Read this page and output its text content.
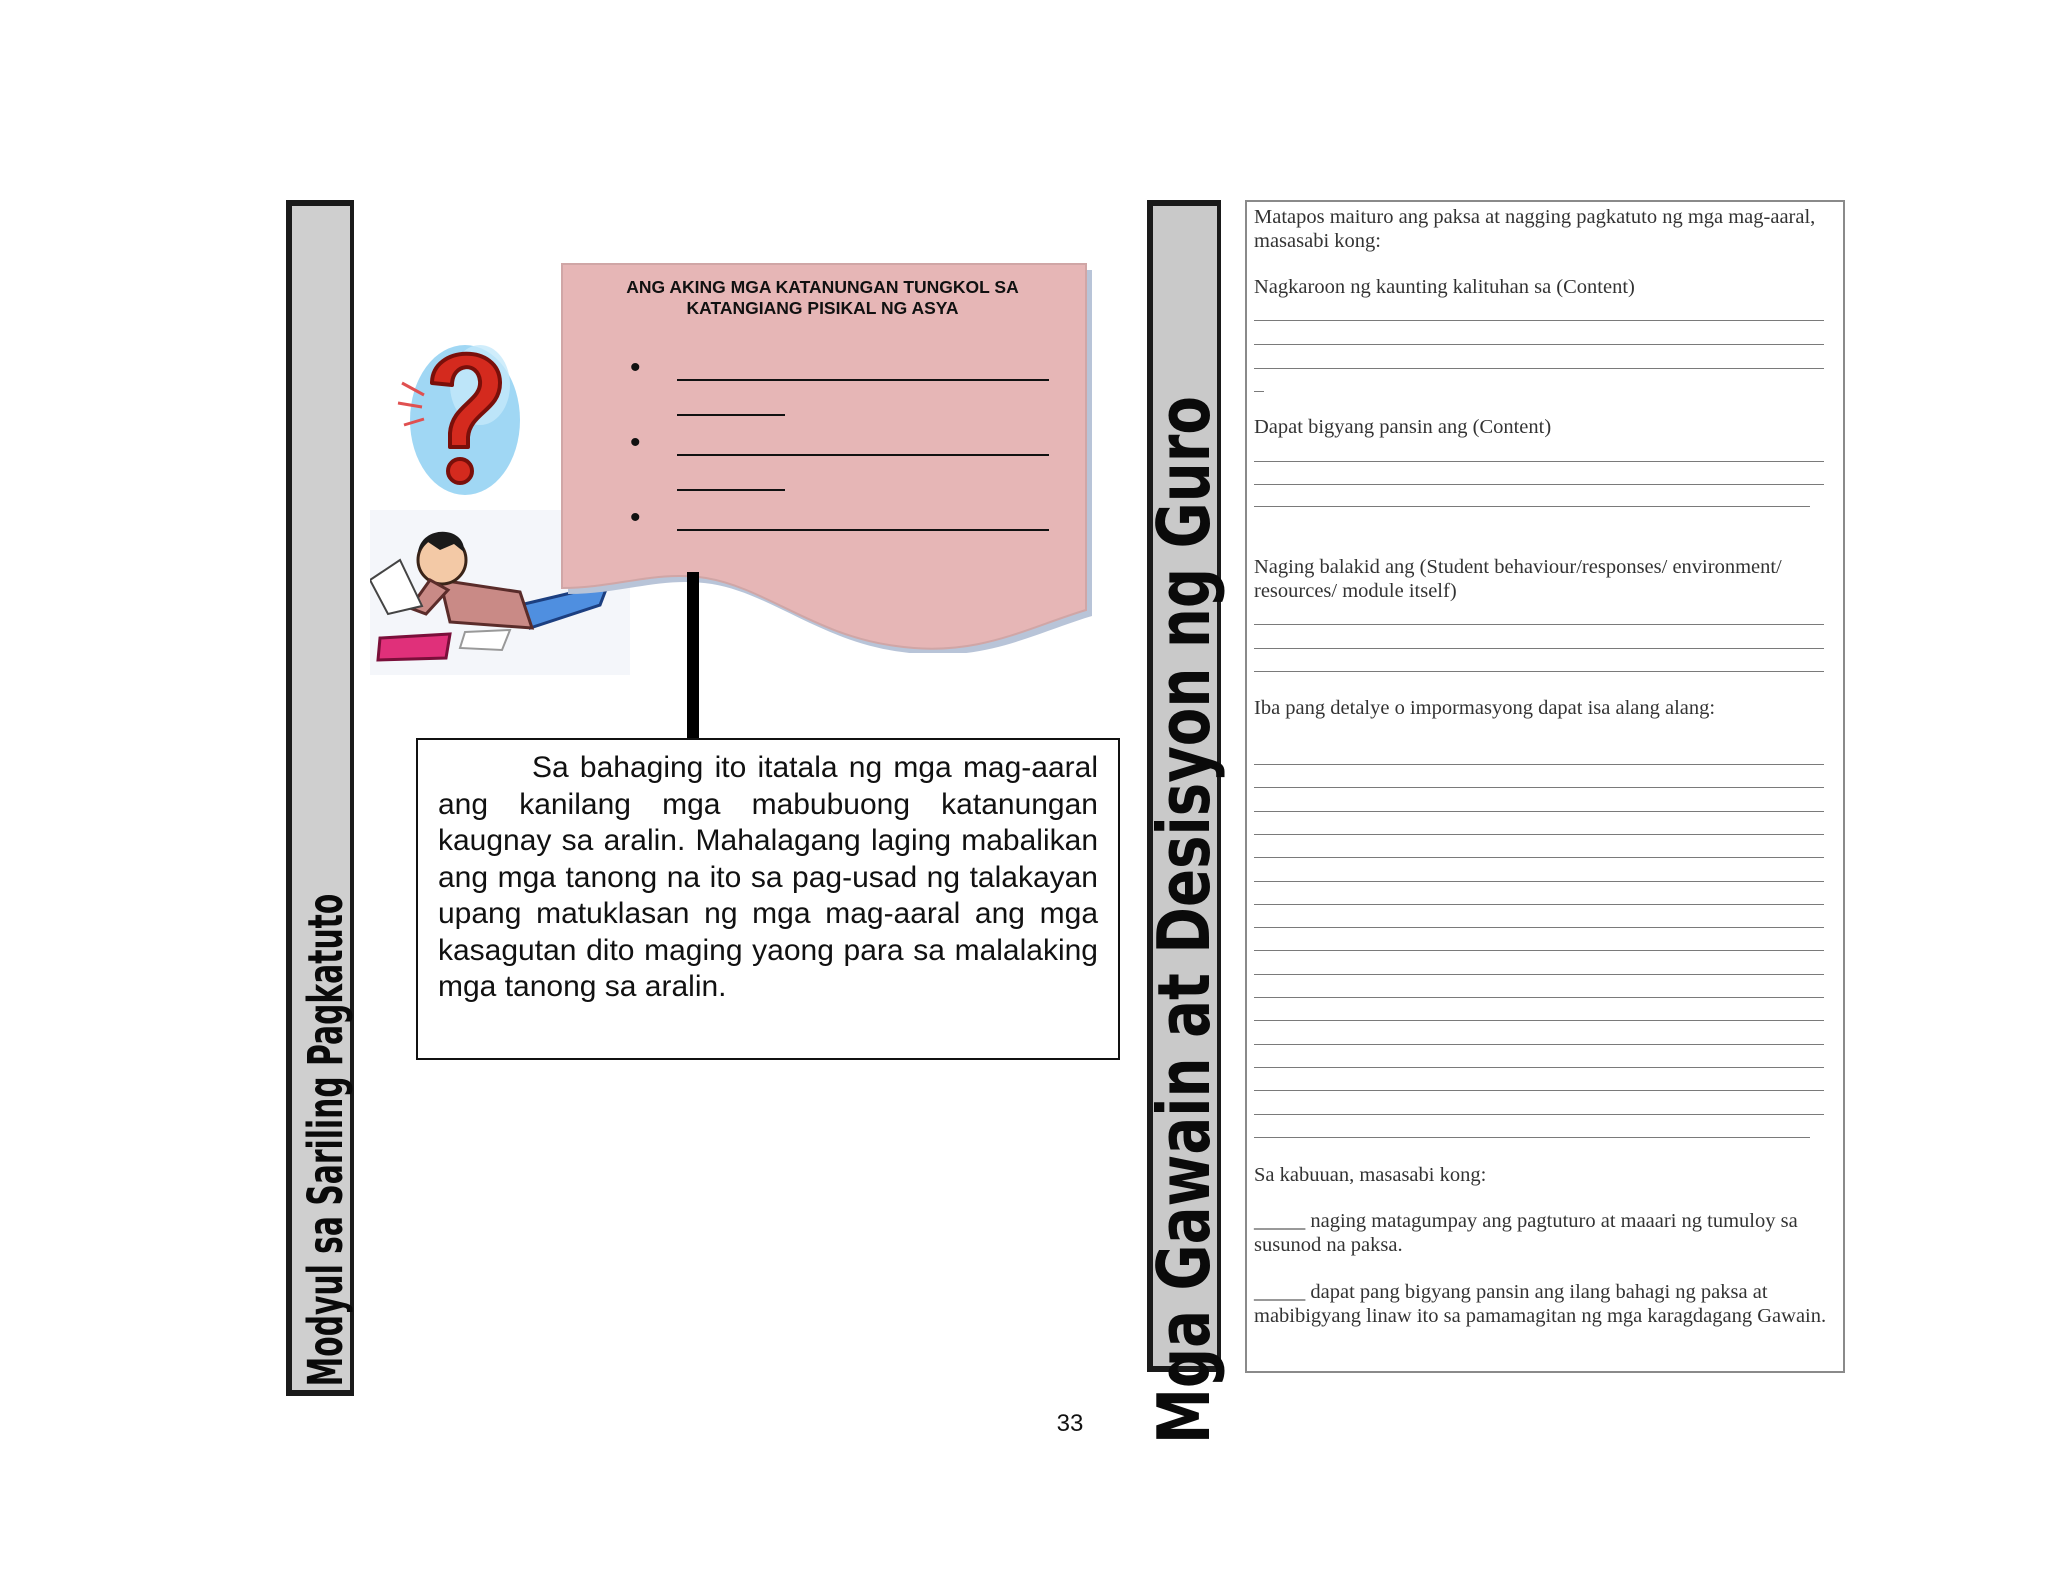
Modyul sa Sariling Pagkatuto
ANG AKING MGA KATANUNGAN TUNGKOL SA KATANGIANG PISIKAL NG ASYA
•
•
•

Sa bahaging ito itatala ng mga mag-aaral ang kanilang mga mabubuong katanungan kaugnay sa aralin. Mahalagang laging mabalikan ang mga tanong na ito sa pag-usad ng talakayan upang matuklasan ng mga mag-aaral ang mga kasagutan dito maging yaong para sa malalaking mga tanong sa aralin.

33 Mga Gawain at Desisyon ng Guro
Matapos maituro ang paksa at nagging pagkatuto ng mga mag-aaral, masasabi kong:
Nagkaroon ng kaunting kalituhan sa (Content)
Dapat bigyang pansin ang (Content)
Naging balakid ang (Student behaviour/responses/ environment/ resources/ module itself)
Iba pang detalye o impormasyong dapat isa alang alang:
Sa kabuuan, masasabi kong:
_____ naging matagumpay ang pagtuturo at maaari ng tumuloy sa susunod na paksa.
_____ dapat pang bigyang pansin ang ilang bahagi ng paksa at mabibigyang linaw ito sa pamamagitan ng mga karagdagang Gawain.
